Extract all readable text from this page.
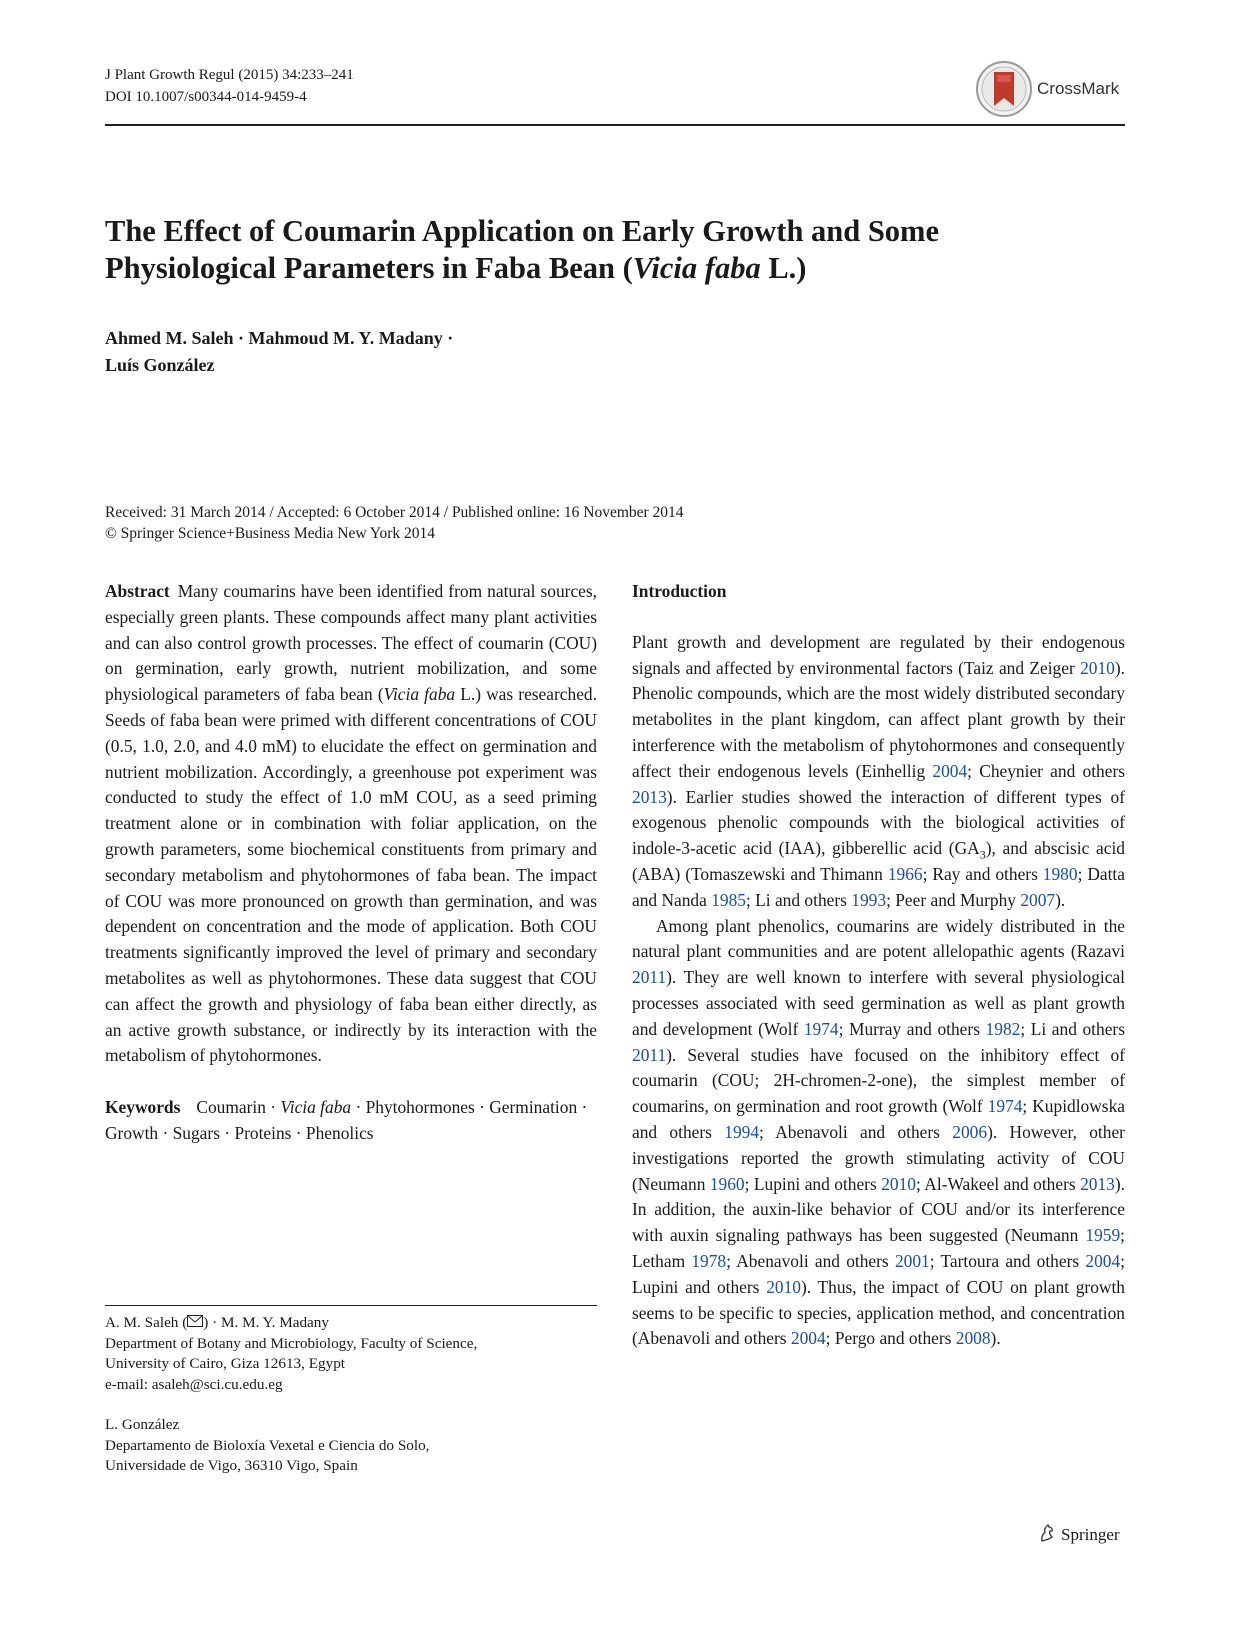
J Plant Growth Regul (2015) 34:233–241
DOI 10.1007/s00344-014-9459-4	CrossMark
The Effect of Coumarin Application on Early Growth and Some
Physiological Parameters in Faba Bean (Vicia faba L.)
Ahmed M. Saleh · Mahmoud M. Y. Madany ·
Luís González
Received: 31 March 2014 / Accepted: 6 October 2014 / Published online: 16 November 2014
© Springer Science+Business Media New York 2014

Abstract Many coumarins have been identified from natural sources, especially green plants. These compounds affect many plant activities and can also control growth processes. The effect of coumarin (COU) on germination, early growth, nutrient mobilization, and some physiological parameters of faba bean (Vicia faba L.) was researched. Seeds of faba bean were primed with different concentrations of COU (0.5, 1.0, 2.0, and 4.0 mM) to elucidate the effect on germination and nutrient mobilization. Accordingly, a greenhouse pot experiment was conducted to study the effect of 1.0 mM COU, as a seed priming treatment alone or in combination with foliar application, on the growth parameters, some biochemical constituents from primary and secondary metabolism and phytohormones of faba bean. The impact of COU was more pronounced on growth than germination, and was dependent on concentration and the mode of application. Both COU treatments significantly improved the level of primary and secondary metabolites as well as phytohormones. These data suggest that COU can affect the growth and physiology of faba bean either directly, as an active growth substance, or indirectly by its interaction with the metabolism of phytohormones.

Keywords Coumarin · Vicia faba · Phytohormones · Germination · Growth · Sugars · Proteins · Phenolics

A. M. Saleh ( ) · M. M. Y. Madany
Department of Botany and Microbiology, Faculty of Science,
University of Cairo, Giza 12613, Egypt
e-mail: asaleh@sci.cu.edu.eg
L. González
Departamento de Bioloxía Vexetal e Ciencia do Solo,
Universidade de Vigo, 36310 Vigo, Spain

Introduction

Plant growth and development are regulated by their endogenous signals and affected by environmental factors (Taiz and Zeiger 2010). Phenolic compounds, which are the most widely distributed secondary metabolites in the plant kingdom, can affect plant growth by their interference with the metabolism of phytohormones and consequently affect their endogenous levels (Einhellig 2004; Cheynier and others 2013). Earlier studies showed the interaction of different types of exogenous phenolic compounds with the biological activities of indole-3-acetic acid (IAA), gibberellic acid $(GA_3)$, and abscisic acid (ABA) (Tomaszewski and Thimann 1966; Ray and others 1980; Datta and Nanda 1985; Li and others 1993; Peer and Murphy 2007).

Among plant phenolics, coumarins are widely distributed in the natural plant communities and are potent allelopathic agents (Razavi 2011). They are well known to interfere with several physiological processes associated with seed germination as well as plant growth and development (Wolf 1974; Murray and others 1982; Li and others 2011). Several studies have focused on the inhibitory effect of coumarin (COU; 2H-chromen-2-one), the simplest member of coumarins, on germination and root growth (Wolf 1974; Kupidlowska and others 1994; Abenavoli and others 2006). However, other investigations reported the growth stimulating activity of COU (Neumann 1960; Lupini and others 2010; Al-Wakeel and others 2013). In addition, the auxin-like behavior of COU and/or its interference with auxin signaling pathways has been suggested (Neumann 1959; Letham 1978; Abenavoli and others 2001; Tartoura and others 2004; Lupini and others 2010). Thus, the impact of COU on plant growth seems to be specific to species, application method, and concentration (Abenavoli and others 2004; Pergo and others 2008).

Springer
